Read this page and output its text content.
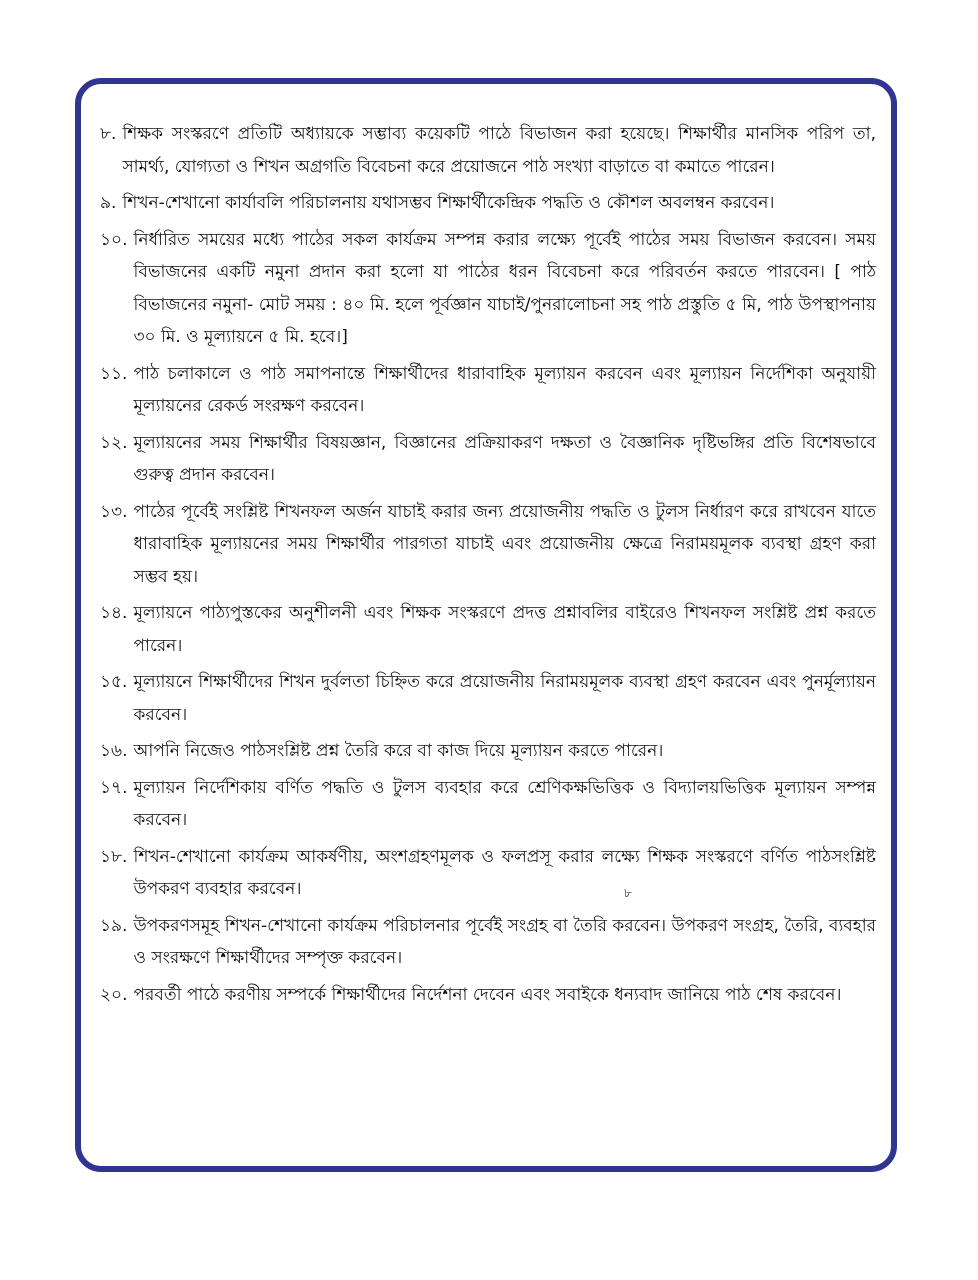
৮. শিক্ষক সংস্করণে প্রতিটি অধ্যায়কে সম্ভাব্য কয়েকটি পাঠে বিভাজন করা হয়েছে। শিক্ষার্থীর মানসিক পরিপ তা, সামর্থ্য, যোগ্যতা ও শিখন অগ্রগতি বিবেচনা করে প্রয়োজনে পাঠ সংখ্যা বাড়াতে বা কমাতে পারেন।
৯. শিখন-শেখানো কার্যাবলি পরিচালনায় যথাসম্ভব শিক্ষার্থীকেন্দ্রিক পদ্ধতি ও কৌশল অবলম্বন করবেন।
১০. নির্ধারিত সময়ের মধ্যে পাঠের সকল কার্যক্রম সম্পন্ন করার লক্ষ্যে পূর্বেই পাঠের সময় বিভাজন করবেন। সময় বিভাজনের একটি নমুনা প্রদান করা হলো যা পাঠের ধরন বিবেচনা করে পরিবর্তন করতে পারবেন। [ পাঠ বিভাজনের নমুনা- মোট সময় : ৪০ মি. হলে পূর্বজ্ঞান যাচাই/পুনরালোচনা সহ পাঠ প্রস্তুতি ৫ মি, পাঠ উপস্থাপনায় ৩০ মি. ও মূল্যায়নে ৫ মি. হবে।]
১১. পাঠ চলাকালে ও পাঠ সমাপনান্তে শিক্ষার্থীদের ধারাবাহিক মূল্যায়ন করবেন এবং মূল্যায়ন নির্দেশিকা অনুযায়ী মূল্যায়নের রেকর্ড সংরক্ষণ করবেন।
১২. মূল্যায়নের সময় শিক্ষার্থীর বিষয়জ্ঞান, বিজ্ঞানের প্রক্রিয়াকরণ দক্ষতা ও বৈজ্ঞানিক দৃষ্টিভঙ্গির প্রতি বিশেষভাবে গুরুত্ব প্রদান করবেন।
১৩. পাঠের পূর্বেই সংশ্লিষ্ট শিখনফল অর্জন যাচাই করার জন্য প্রয়োজনীয় পদ্ধতি ও টুলস নির্ধারণ করে রাখবেন যাতে ধারাবাহিক মূল্যায়নের সময় শিক্ষার্থীর পারগতা যাচাই এবং প্রয়োজনীয় ক্ষেত্রে নিরাময়মূলক ব্যবস্থা গ্রহণ করা সম্ভব হয়।
১৪. মূল্যায়নে পাঠ্যপুস্তকের অনুশীলনী এবং শিক্ষক সংস্করণে প্রদত্ত প্রশ্নাবলির বাইরেও শিখনফল সংশ্লিষ্ট প্রশ্ন করতে পারেন।
১৫. মূল্যায়নে শিক্ষার্থীদের শিখন দুর্বলতা চিহ্নিত করে প্রয়োজনীয় নিরাময়মূলক ব্যবস্থা গ্রহণ করবেন এবং পুনর্মূল্যায়ন করবেন।
১৬. আপনি নিজেও পাঠসংশ্লিষ্ট প্রশ্ন তৈরি করে বা কাজ দিয়ে মূল্যায়ন করতে পারেন।
১৭. মূল্যায়ন নির্দেশিকায় বর্ণিত পদ্ধতি ও টুলস ব্যবহার করে শ্রেণিকক্ষভিত্তিক ও বিদ্যালয়ভিত্তিক মূল্যায়ন সম্পন্ন করবেন।
১৮. শিখন-শেখানো কার্যক্রম আকর্ষণীয়, অংশগ্রহণমূলক ও ফলপ্রসূ করার লক্ষ্যে শিক্ষক সংস্করণে বর্ণিত পাঠসংশ্লিষ্ট উপকরণ ব্যবহার করবেন।
১৯. উপকরণসমূহ শিখন-শেখানো কার্যক্রম পরিচালনার পূর্বেই সংগ্রহ বা তৈরি করবেন। উপকরণ সংগ্রহ, তৈরি, ব্যবহার ও সংরক্ষণে শিক্ষার্থীদের সম্পৃক্ত করবেন।
২০. পরবর্তী পাঠে করণীয় সম্পর্কে শিক্ষার্থীদের নির্দেশনা দেবেন এবং সবাইকে ধন্যবাদ জানিয়ে পাঠ শেষ করবেন।
৮
